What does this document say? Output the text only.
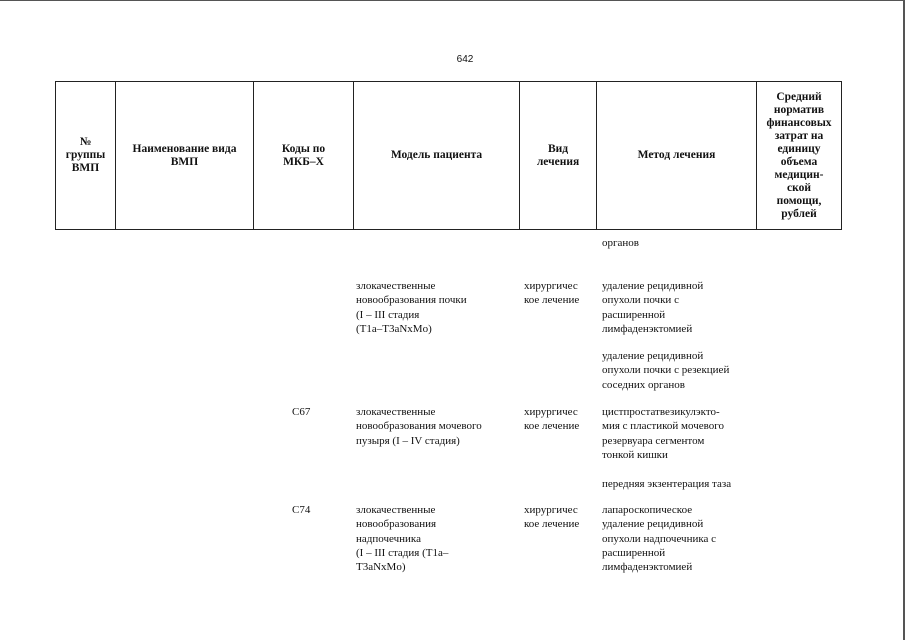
642
№
группы
ВМП
Наименование вида
ВМП
Коды по
МКБ–Х
Модель пациента
Вид
лечения
Метод лечения
Средний
норматив
финансовых
затрат на
единицу
объема
медицин-
ской
помощи,
рублей
органов
злокачественные
новообразования почки
(I – III стадия
(T1a–T3aNxMo)
хирургичес
кое лечение
удаление рецидивной
опухоли почки с
расширенной
лимфаденэктомией
удаление рецидивной
опухоли почки с резекцией
соседних органов
C67	злокачественные
новообразования мочевого
пузыря (I – IV стадия)
хирургичес
кое лечение
цистпростатвезикулэкто-
мия с пластикой мочевого
резервуара сегментом
тонкой кишки
передняя экзентерация таза
C74	злокачественные
новообразования
надпочечника
(I – III стадия (T1a–
T3aNxMo)
хирургичес
кое лечение
лапароскопическое
удаление рецидивной
опухоли надпочечника с
расширенной
лимфаденэктомией
